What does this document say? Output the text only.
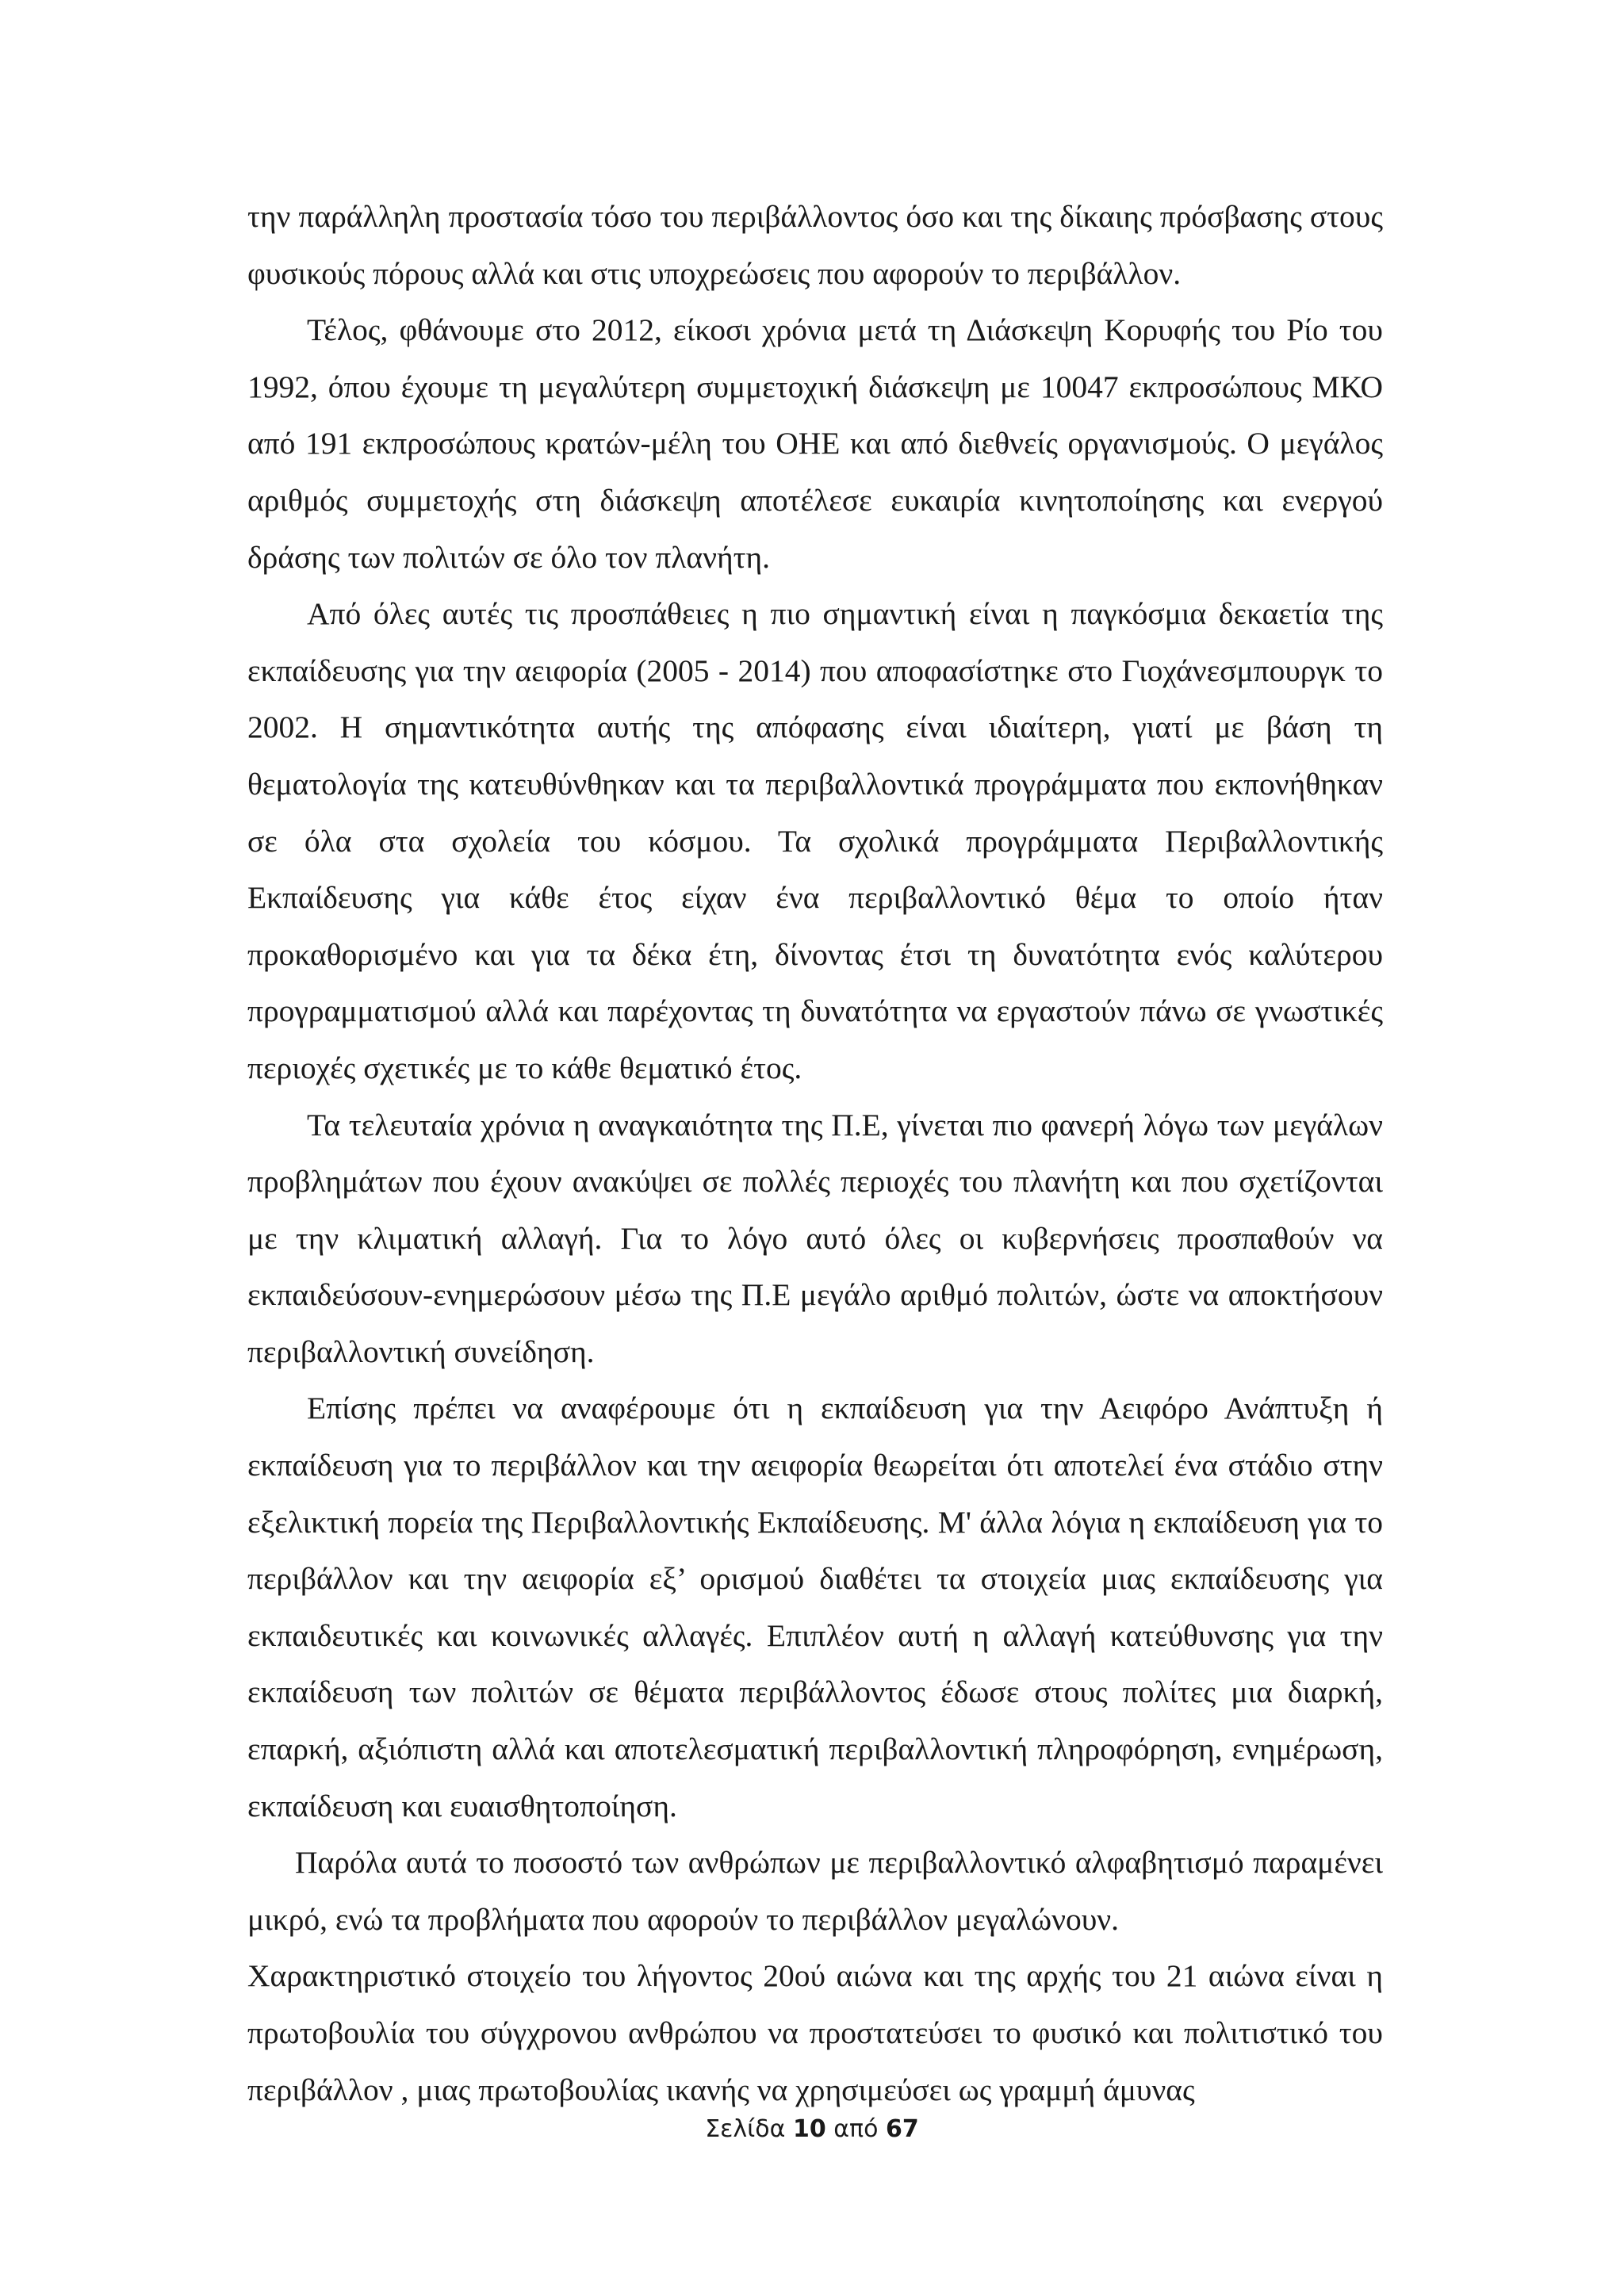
την παράλληλη προστασία τόσο του περιβάλλοντος όσο και της δίκαιης πρόσβασης στους φυσικούς πόρους αλλά και στις υποχρεώσεις που αφορούν το περιβάλλον.

Τέλος, φθάνουμε στο 2012, είκοσι χρόνια μετά τη Διάσκεψη Κορυφής του Ρίο του 1992, όπου έχουμε τη μεγαλύτερη συμμετοχική διάσκεψη με 10047 εκπροσώπους ΜΚΟ από 191 εκπροσώπους κρατών-μέλη του ΟΗΕ και από διεθνείς οργανισμούς. Ο μεγάλος αριθμός συμμετοχής στη διάσκεψη αποτέλεσε ευκαιρία κινητοποίησης και ενεργού δράσης των πολιτών σε όλο τον πλανήτη.

Από όλες αυτές τις προσπάθειες η πιο σημαντική είναι η παγκόσμια δεκαετία της εκπαίδευσης για την αειφορία (2005 - 2014) που αποφασίστηκε στο Γιοχάνεσμπουργκ το 2002. Η σημαντικότητα αυτής της απόφασης είναι ιδιαίτερη, γιατί με βάση τη θεματολογία της κατευθύνθηκαν και τα περιβαλλοντικά προγράμματα που εκπονήθηκαν σε όλα στα σχολεία του κόσμου. Τα σχολικά προγράμματα Περιβαλλοντικής Εκπαίδευσης για κάθε έτος είχαν ένα περιβαλλοντικό θέμα το οποίο ήταν προκαθορισμένο και για τα δέκα έτη, δίνοντας έτσι τη δυνατότητα ενός καλύτερου προγραμματισμού αλλά και παρέχοντας τη δυνατότητα να εργαστούν πάνω σε γνωστικές περιοχές σχετικές με το κάθε θεματικό έτος.

Τα τελευταία χρόνια η αναγκαιότητα της Π.Ε, γίνεται πιο φανερή λόγω των μεγάλων προβλημάτων που έχουν ανακύψει σε πολλές περιοχές του πλανήτη και που σχετίζονται με την κλιματική αλλαγή. Για το λόγο αυτό όλες οι κυβερνήσεις προσπαθούν να εκπαιδεύσουν-ενημερώσουν μέσω της Π.Ε μεγάλο αριθμό πολιτών, ώστε να αποκτήσουν περιβαλλοντική συνείδηση.

Επίσης πρέπει να αναφέρουμε ότι η εκπαίδευση για την Αειφόρο Ανάπτυξη ή εκπαίδευση για το περιβάλλον και την αειφορία θεωρείται ότι αποτελεί ένα στάδιο στην εξελικτική πορεία της Περιβαλλοντικής Εκπαίδευσης. Μ' άλλα λόγια η εκπαίδευση για το περιβάλλον και την αειφορία εξ’ ορισμού διαθέτει τα στοιχεία μιας εκπαίδευσης για εκπαιδευτικές και κοινωνικές αλλαγές. Επιπλέον αυτή η αλλαγή κατεύθυνσης για την εκπαίδευση των πολιτών σε θέματα περιβάλλοντος έδωσε στους πολίτες μια διαρκή, επαρκή, αξιόπιστη αλλά και αποτελεσματική περιβαλλοντική πληροφόρηση, ενημέρωση, εκπαίδευση και ευαισθητοποίηση.

Παρόλα αυτά το ποσοστό των ανθρώπων με περιβαλλοντικό αλφαβητισμό παραμένει μικρό, ενώ τα προβλήματα που αφορούν το περιβάλλον μεγαλώνουν.

Χαρακτηριστικό στοιχείο του λήγοντος 20ού αιώνα και της αρχής του 21 αιώνα είναι η πρωτοβουλία του σύγχρονου ανθρώπου να προστατεύσει το φυσικό και πολιτιστικό του περιβάλλον , μιας πρωτοβουλίας ικανής να χρησιμεύσει ως γραμμή άμυνας

Σελίδα 10 από 67
